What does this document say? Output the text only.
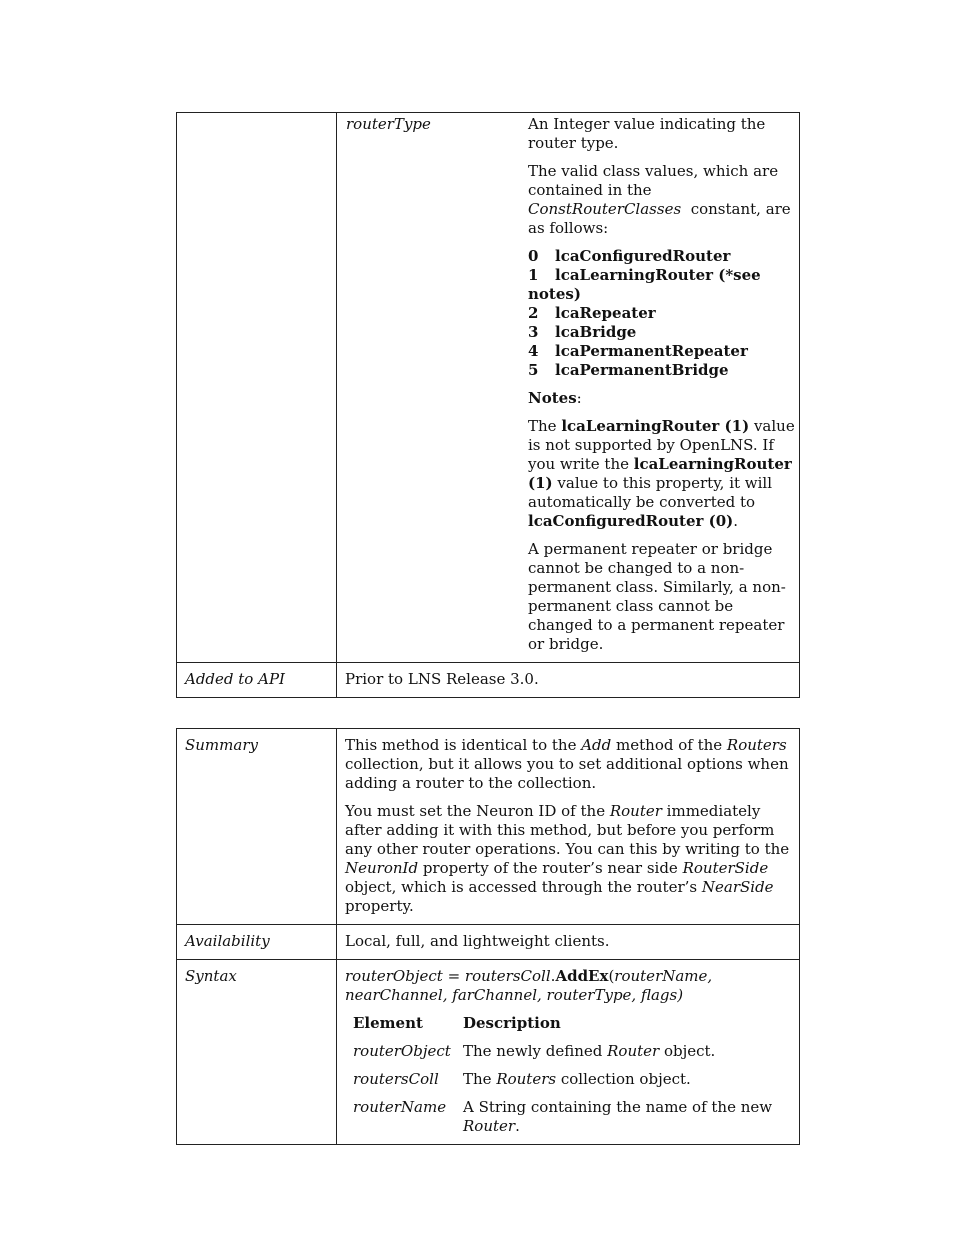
routerType	An Integer value indicating the router type.

The valid class values, which are contained in the ConstRouterClasses constant, are as follows:

0 lcaConfiguredRouter
1 lcaLearningRouter (*see notes)
2 lcaRepeater
3 lcaBridge
4 lcaPermanentRepeater
5 lcaPermanentBridge

Notes:

The lcaLearningRouter (1) value is not supported by OpenLNS. If you write the lcaLearningRouter (1) value to this property, it will automatically be converted to lcaConfiguredRouter (0).

A permanent repeater or bridge cannot be changed to a non-permanent class. Similarly, a non-permanent class cannot be changed to a permanent repeater or bridge.

Added to API	Prior to LNS Release 3.0.
Summary	This method is identical to the Add method of the Routers collection, but it allows you to set additional options when adding a router to the collection.

You must set the Neuron ID of the Router immediately after adding it with this method, but before you perform any other router operations. You can this by writing to the NeuronId property of the router’s near side RouterSide object, which is accessed through the router’s NearSide property.

Availability	Local, full, and lightweight clients.
Syntax	routerObject = routersColl.AddEx(routerName, nearChannel, farChannel, routerType, flags)
Element	Description
routerObject	The newly defined Router object.
routersColl	The Routers collection object.
routerName	A String containing the name of the new Router.
